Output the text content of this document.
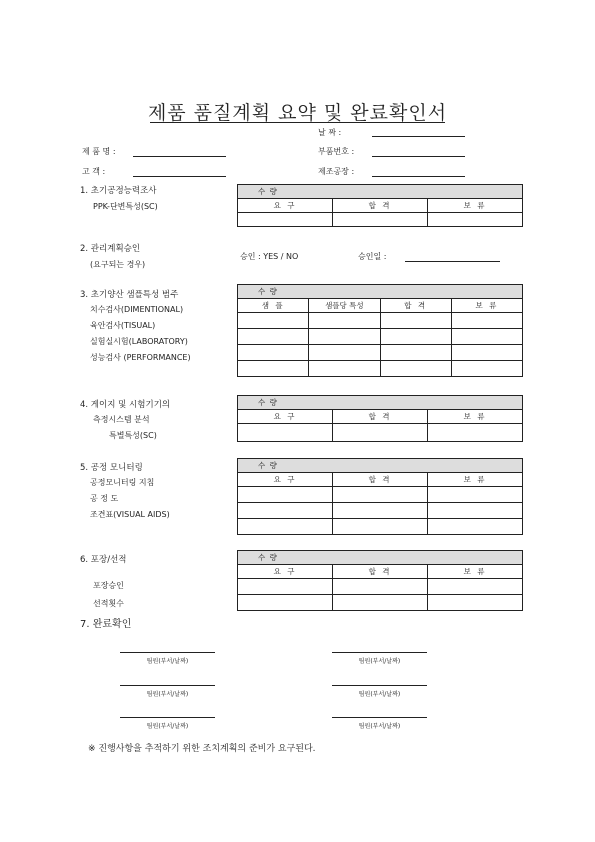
제품 품질계획 요약 및 완료확인서
날 짜 :
제 품 명 :	부품번호 :
고 객 :	제조공장 :
1. 초기공정능력조사
PPK-단변특성(SC)
수 량		
요 구	합 격	보 류

2. 관리계획승인
(요구되는 경우)
승인 : YES / NO	승인일 :
3. 초기양산 샘플특성 범주
치수검사(DIMENTIONAL)
육안검사(TISUAL)
실험실시험(LABORATORY)
성능검사 (PERFORMANCE)
수 량			
샘 플	샘플당 특성	합 격	보 류

4. 게이지 및 시험기기의
측정시스템 분석
특별특성(SC)
수 량		
요 구	합 격	보 류

5. 공정 모니터링
공정모니터링 지침
공 정 도
조견표(VISUAL AIDS)
수 량		
요 구	합 격	보 류

6. 포장/선적
포장승인
선적횟수
수 량		
요 구	합 격	보 류

7. 완료확인
팀원(부서/날짜)	팀원(부서/날짜)
팀원(부서/날짜)	팀원(부서/날짜)
팀원(부서/날짜)	팀원(부서/날짜)
※ 진행사항을 추적하기 위한 조치계획의 준비가 요구된다.
